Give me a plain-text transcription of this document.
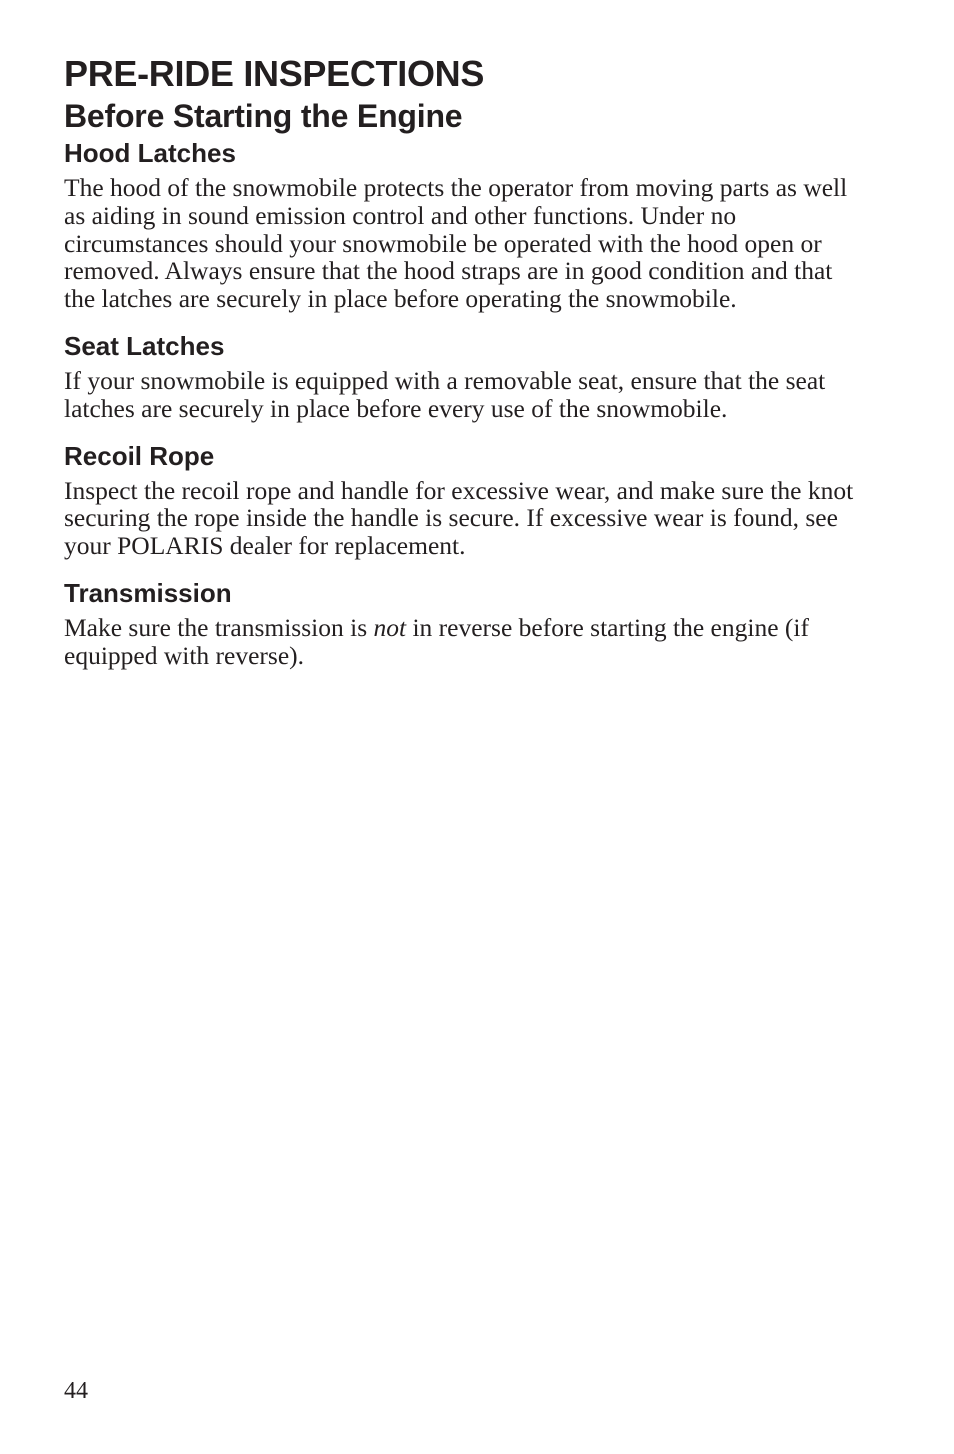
PRE-RIDE INSPECTIONS
Before Starting the Engine
Hood Latches

The hood of the snowmobile protects the operator from moving parts as well as aiding in sound emission control and other functions. Under no circumstances should your snowmobile be operated with the hood open or removed. Always ensure that the hood straps are in good condition and that the latches are securely in place before operating the snowmobile.

Seat Latches

If your snowmobile is equipped with a removable seat, ensure that the seat latches are securely in place before every use of the snowmobile.

Recoil Rope

Inspect the recoil rope and handle for excessive wear, and make sure the knot securing the rope inside the handle is secure. If excessive wear is found, see your POLARIS dealer for replacement.

Transmission

Make sure the transmission is not in reverse before starting the engine (if equipped with reverse).

44
